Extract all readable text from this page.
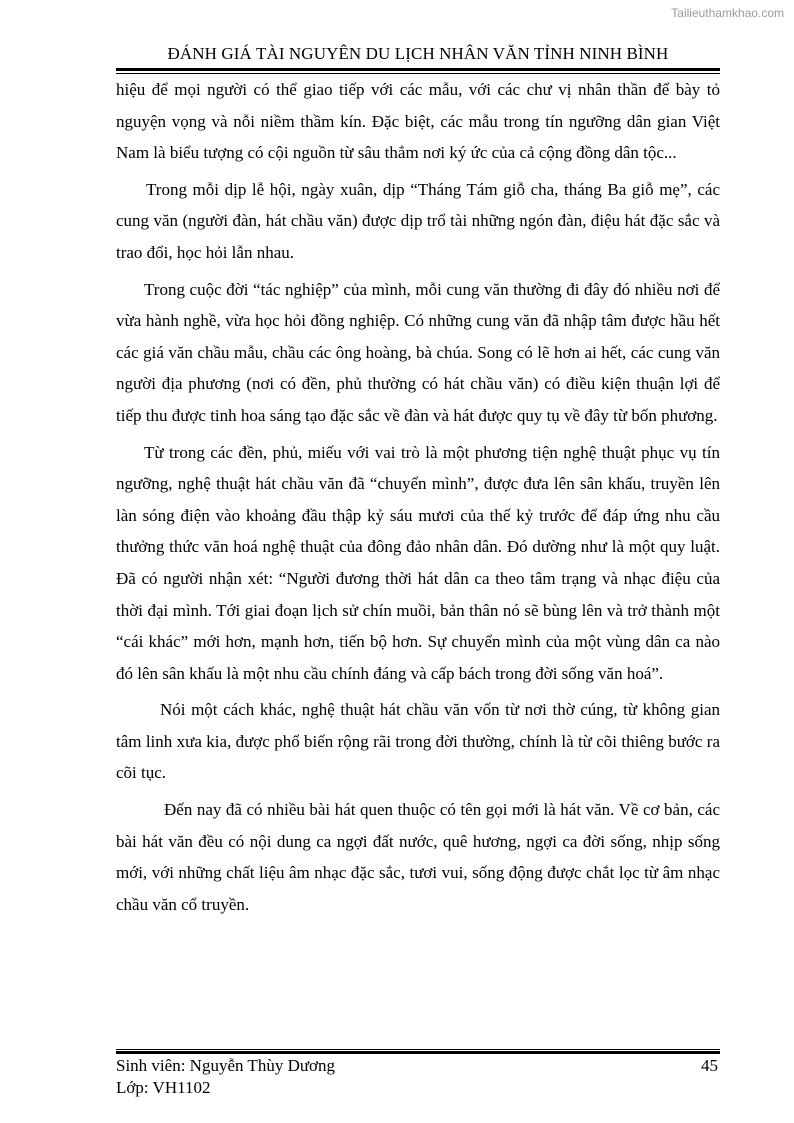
Tailieuthamkhao.com
ĐÁNH GIÁ TÀI NGUYÊN DU LỊCH NHÂN VĂN TỈNH NINH BÌNH

hiệu để mọi người có thể giao tiếp với các mẫu, với các chư vị nhân thần để bày tỏ nguyện vọng và nỗi niềm thầm kín. Đặc biệt, các mẫu trong tín ngưỡng dân gian Việt Nam là biểu tượng có cội nguồn từ sâu thẳm nơi ký ức của cả cộng đồng dân tộc...

Trong mỗi dịp lễ hội, ngày xuân, dịp “Tháng Tám giỗ cha, tháng Ba giỗ mẹ”, các cung văn (người đàn, hát chầu văn) được dịp trổ tài những ngón đàn, điệu hát đặc sắc và trao đổi, học hỏi lẫn nhau.

Trong cuộc đời “tác nghiệp” của mình, mỗi cung văn thường đi đây đó nhiều nơi để vừa hành nghề, vừa học hỏi đồng nghiệp. Có những cung văn đã nhập tâm được hầu hết các giá văn chầu mẫu, chầu các ông hoàng, bà chúa. Song có lẽ hơn ai hết, các cung văn người địa phương (nơi có đền, phủ thường có hát chầu văn) có điều kiện thuận lợi để tiếp thu được tinh hoa sáng tạo đặc sắc về đàn và hát được quy tụ về đây từ bốn phương.

Từ trong các đền, phủ, miếu với vai trò là một phương tiện nghệ thuật phục vụ tín ngưỡng, nghệ thuật hát chầu văn đã “chuyển mình”, được đưa lên sân khấu, truyền lên làn sóng điện vào khoảng đầu thập kỷ sáu mươi của thế kỷ trước để đáp ứng nhu cầu thưởng thức văn hoá nghệ thuật của đông đảo nhân dân. Đó dường như là một quy luật. Đã có người nhận xét: “Người đương thời hát dân ca theo tâm trạng và nhạc điệu của thời đại mình. Tới giai đoạn lịch sử chín muồi, bản thân nó sẽ bùng lên và trở thành một “cái khác” mới hơn, mạnh hơn, tiến bộ hơn. Sự chuyển mình của một vùng dân ca nào đó lên sân khấu là một nhu cầu chính đáng và cấp bách trong đời sống văn hoá”.

Nói một cách khác, nghệ thuật hát chầu văn vốn từ nơi thờ cúng, từ không gian tâm linh xưa kia, được phổ biến rộng rãi trong đời thường, chính là từ cõi thiêng bước ra cõi tục.

Đến nay đã có nhiều bài hát quen thuộc có tên gọi mới là hát văn. Về cơ bản, các bài hát văn đều có nội dung ca ngợi đất nước, quê hương, ngợi ca đời sống, nhịp sống mới, với những chất liệu âm nhạc đặc sắc, tươi vui, sống động được chắt lọc từ âm nhạc chầu văn cổ truyền.

Sinh viên: Nguyễn Thùy Dương
Lớp: VH1102
45
